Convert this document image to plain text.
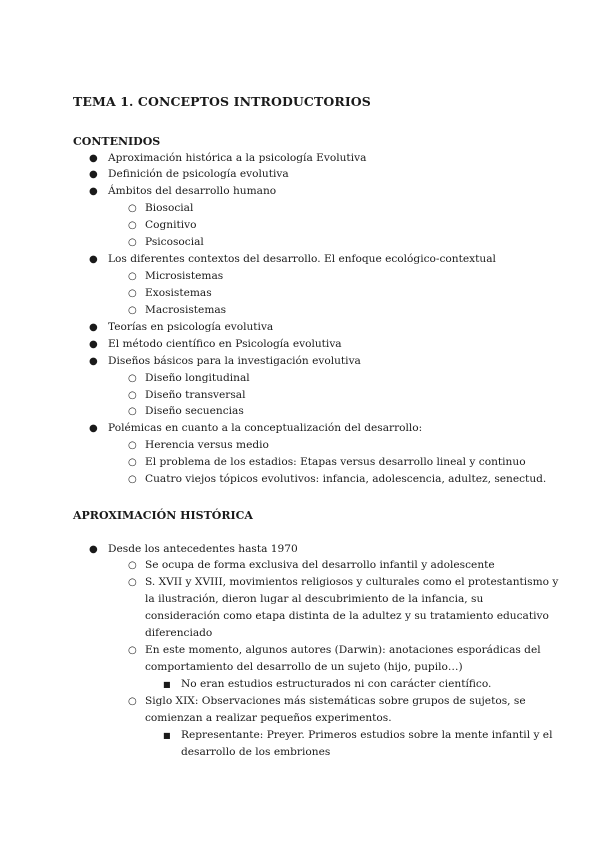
TEMA 1. CONCEPTOS INTRODUCTORIOS
CONTENIDOS
● Aproximación histórica a la psicología Evolutiva
● Definición de psicología evolutiva
● Ámbitos del desarrollo humano
○ Biosocial
○ Cognitivo
○ Psicosocial
● Los diferentes contextos del desarrollo. El enfoque ecológico-contextual
○ Microsistemas
○ Exosistemas
○ Macrosistemas
● Teorías en psicología evolutiva
● El método científico en Psicología evolutiva
● Diseños básicos para la investigación evolutiva
○ Diseño longitudinal
○ Diseño transversal
○ Diseño secuencias
● Polémicas en cuanto a la conceptualización del desarrollo:
○ Herencia versus medio
○ El problema de los estadios: Etapas versus desarrollo lineal y continuo
○ Cuatro viejos tópicos evolutivos: infancia, adolescencia, adultez, senectud.
APROXIMACIÓN HISTÓRICA
● Desde los antecedentes hasta 1970
○ Se ocupa de forma exclusiva del desarrollo infantil y adolescente
○ S. XVII y XVIII, movimientos religiosos y culturales como el protestantismo y
la ilustración, dieron lugar al descubrimiento de la infancia, su
consideración como etapa distinta de la adultez y su tratamiento educativo
diferenciado
○ En este momento, algunos autores (Darwin): anotaciones esporádicas del
comportamiento del desarrollo de un sujeto (hijo, pupilo…)
■ No eran estudios estructurados ni con carácter científico.
○ Siglo XIX: Observaciones más sistemáticas sobre grupos de sujetos, se
comienzan a realizar pequeños experimentos.
■ Representante: Preyer. Primeros estudios sobre la mente infantil y el
desarrollo de los embriones
